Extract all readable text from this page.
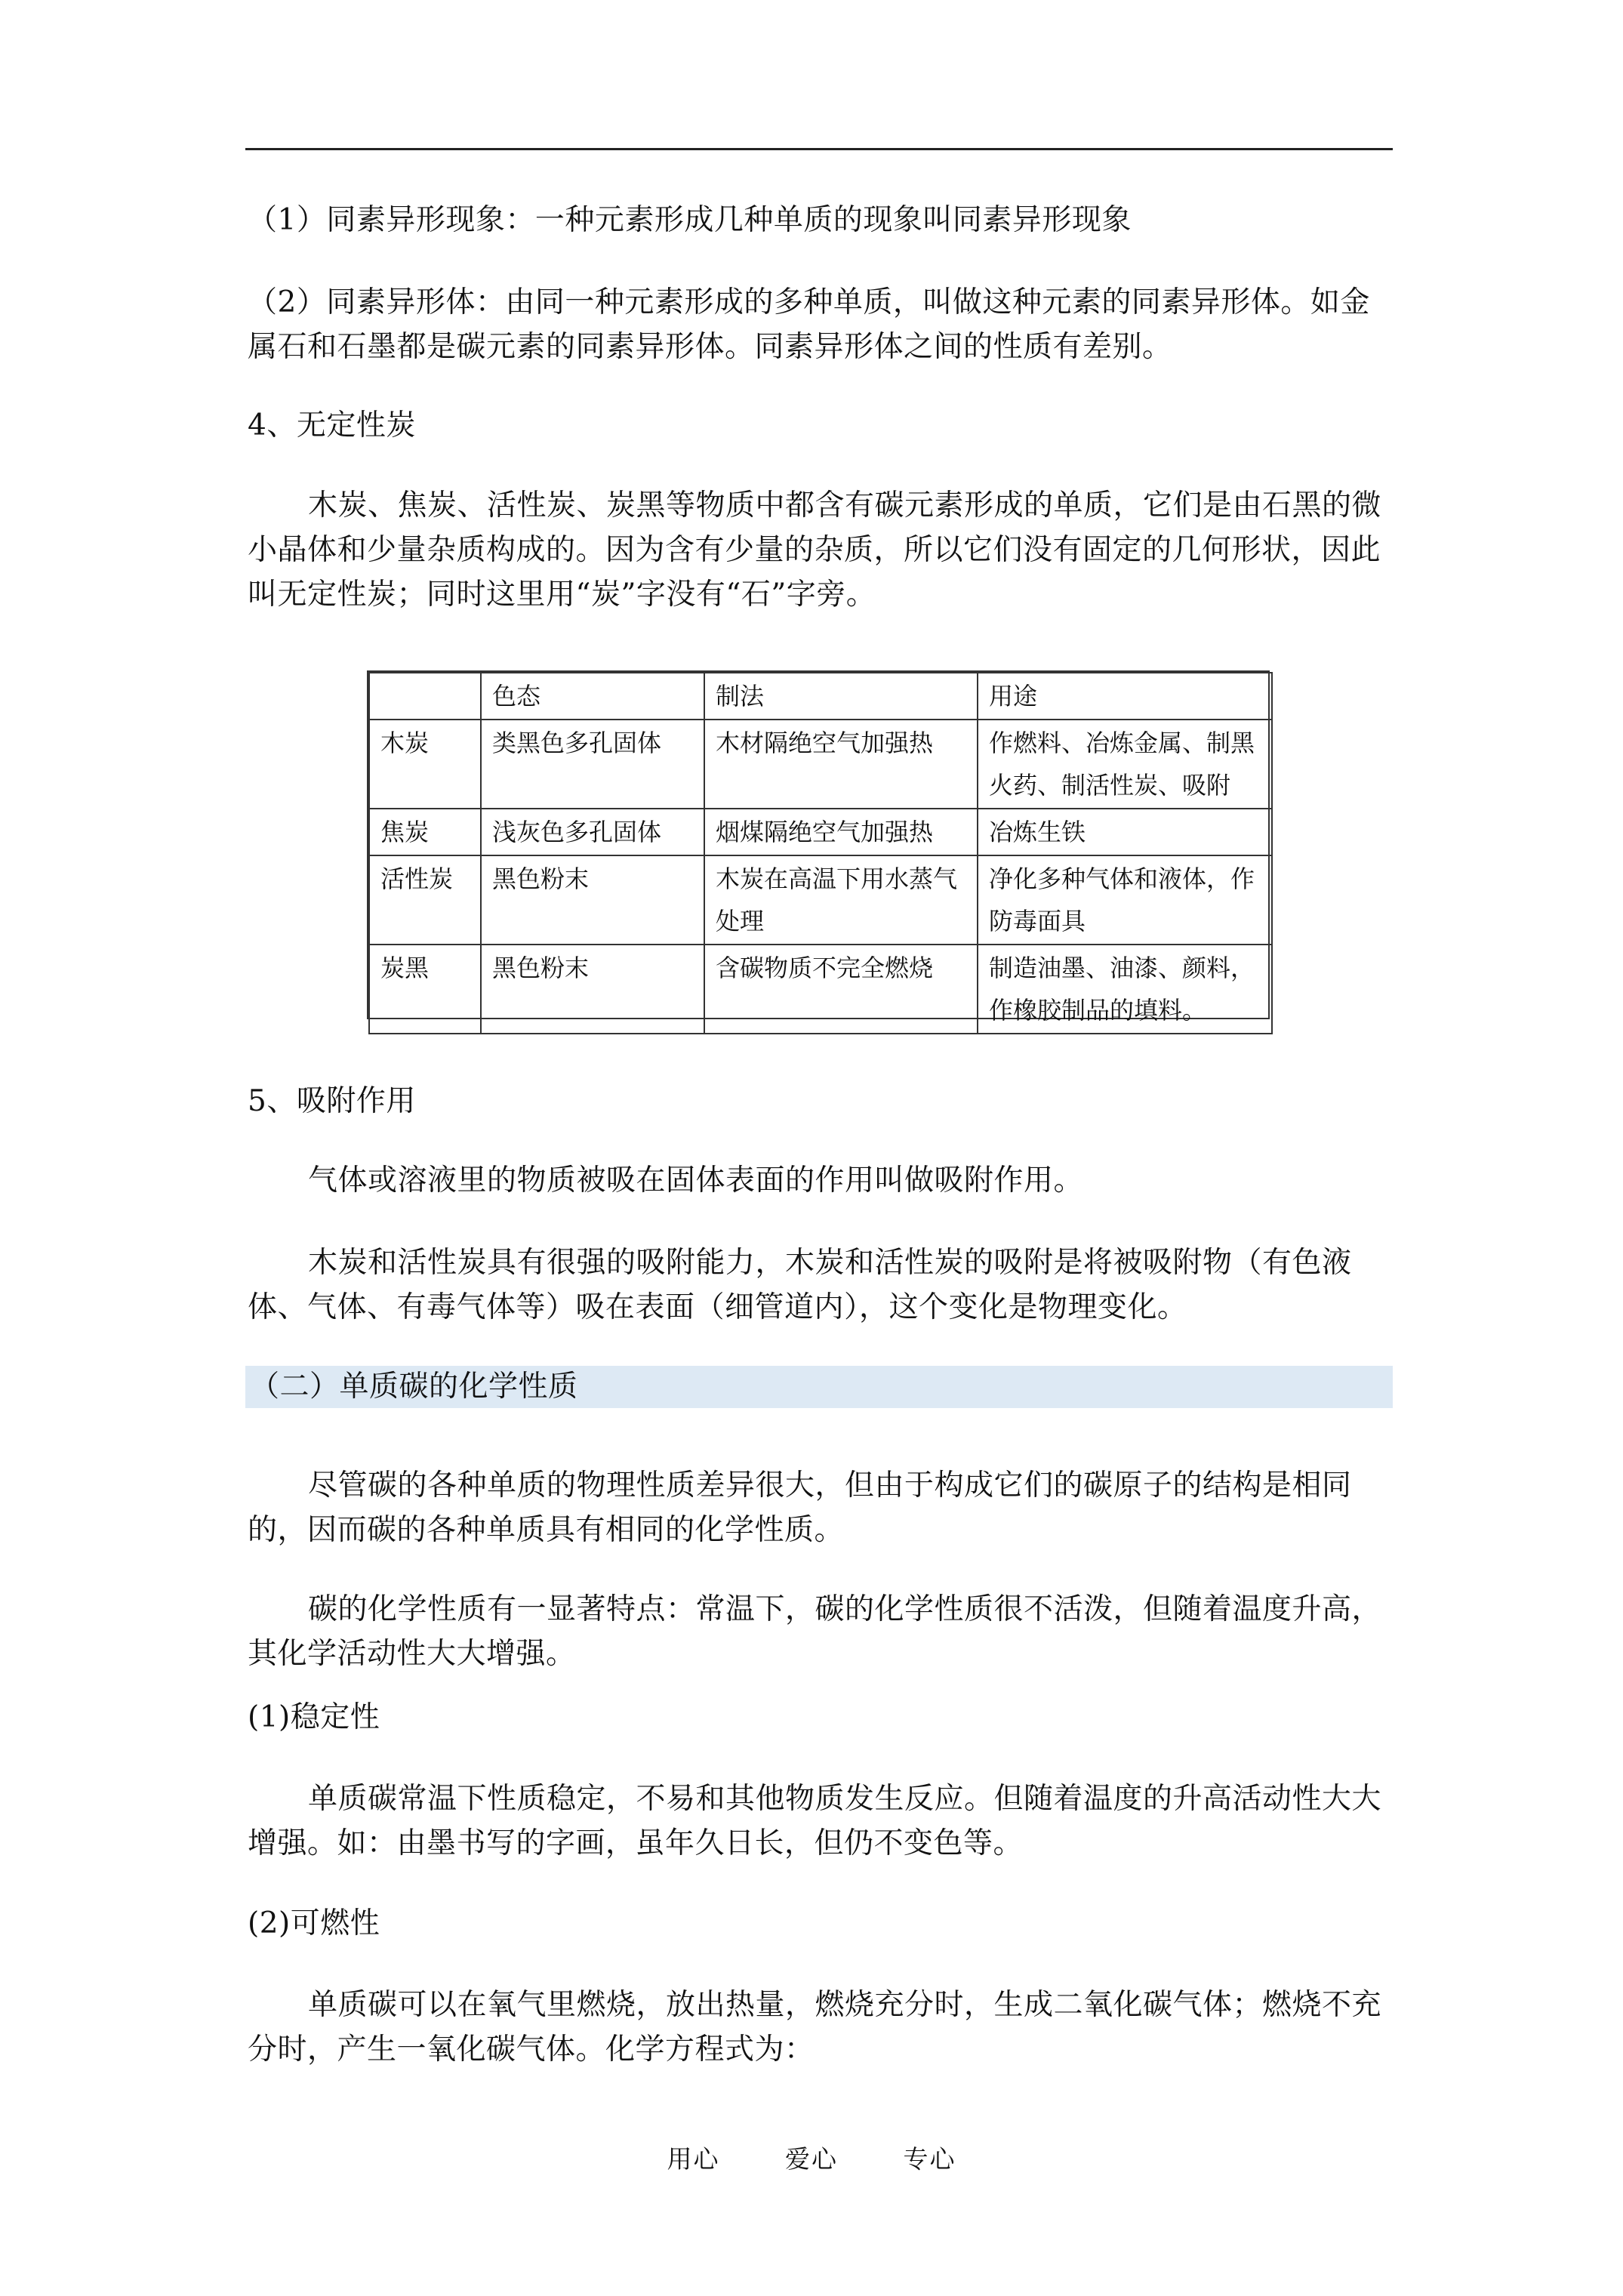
（1）同素异形现象：一种元素形成几种单质的现象叫同素异形现象

（2）同素异形体：由同一种元素形成的多种单质，叫做这种元素的同素异形体。如金属石和石墨都是碳元素的同素异形体。同素异形体之间的性质有差别。

4、无定性炭

木炭、焦炭、活性炭、炭黑等物质中都含有碳元素形成的单质，它们是由石黑的微小晶体和少量杂质构成的。因为含有少量的杂质，所以它们没有固定的几何形状，因此叫无定性炭；同时这里用“炭”字没有“石”字旁。

	色态	制法	用途
木炭	类黑色多孔固体	木材隔绝空气加强热	作燃料、冶炼金属、制黑火药、制活性炭、吸附
焦炭	浅灰色多孔固体	烟煤隔绝空气加强热	冶炼生铁
活性炭	黑色粉末	木炭在高温下用水蒸气处理	净化多种气体和液体，作防毒面具
炭黑	黑色粉末	含碳物质不完全燃烧	制造油墨、油漆、颜料，作橡胶制品的填料。

5、吸附作用

气体或溶液里的物质被吸在固体表面的作用叫做吸附作用。

木炭和活性炭具有很强的吸附能力，木炭和活性炭的吸附是将被吸附物（有色液体、气体、有毒气体等）吸在表面（细管道内），这个变化是物理变化。

（二）单质碳的化学性质

尽管碳的各种单质的物理性质差异很大，但由于构成它们的碳原子的结构是相同的，因而碳的各种单质具有相同的化学性质。

碳的化学性质有一显著特点：常温下，碳的化学性质很不活泼，但随着温度升高，其化学活动性大大增强。

(1)稳定性

单质碳常温下性质稳定，不易和其他物质发生反应。但随着温度的升高活动性大大增强。如：由墨书写的字画，虽年久日长，但仍不变色等。

(2)可燃性

单质碳可以在氧气里燃烧，放出热量，燃烧充分时，生成二氧化碳气体；燃烧不充分时，产生一氧化碳气体。化学方程式为：

用心	爱心	专心
